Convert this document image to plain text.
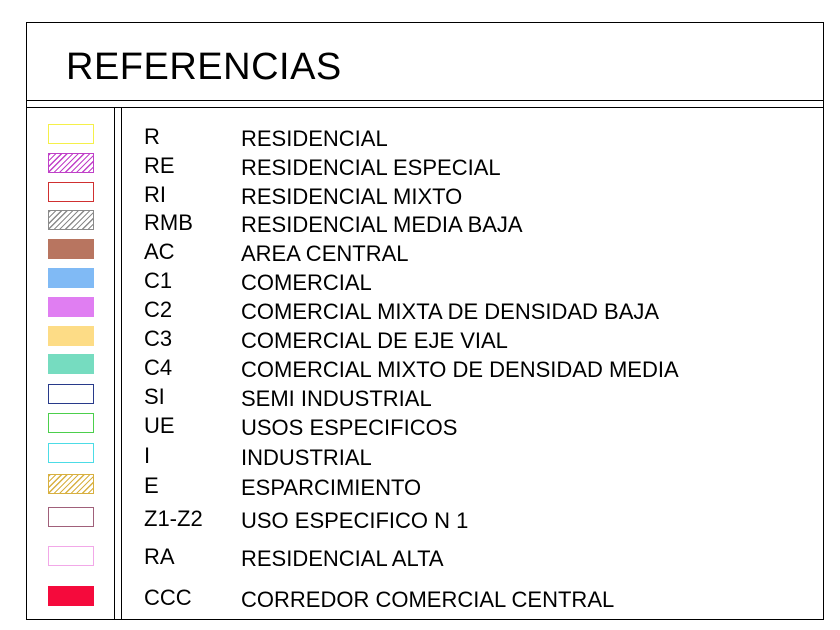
REFERENCIAS
R	RESIDENCIAL
RE	RESIDENCIAL ESPECIAL
RI	RESIDENCIAL MIXTO
RMB RESIDENCIAL MEDIA BAJA
AC	AREA CENTRAL
C1	COMERCIAL
C2	COMERCIAL MIXTA DE DENSIDAD BAJA
C3	COMERCIAL DE EJE VIAL
C4	COMERCIAL MIXTO DE DENSIDAD MEDIA
SI	SEMI INDUSTRIAL
UE	USOS ESPECIFICOS
I	INDUSTRIAL
E	ESPARCIMIENTO
Z1-Z2 USO ESPECIFICO N 1
RA	RESIDENCIAL ALTA
CCC CORREDOR COMERCIAL CENTRAL
